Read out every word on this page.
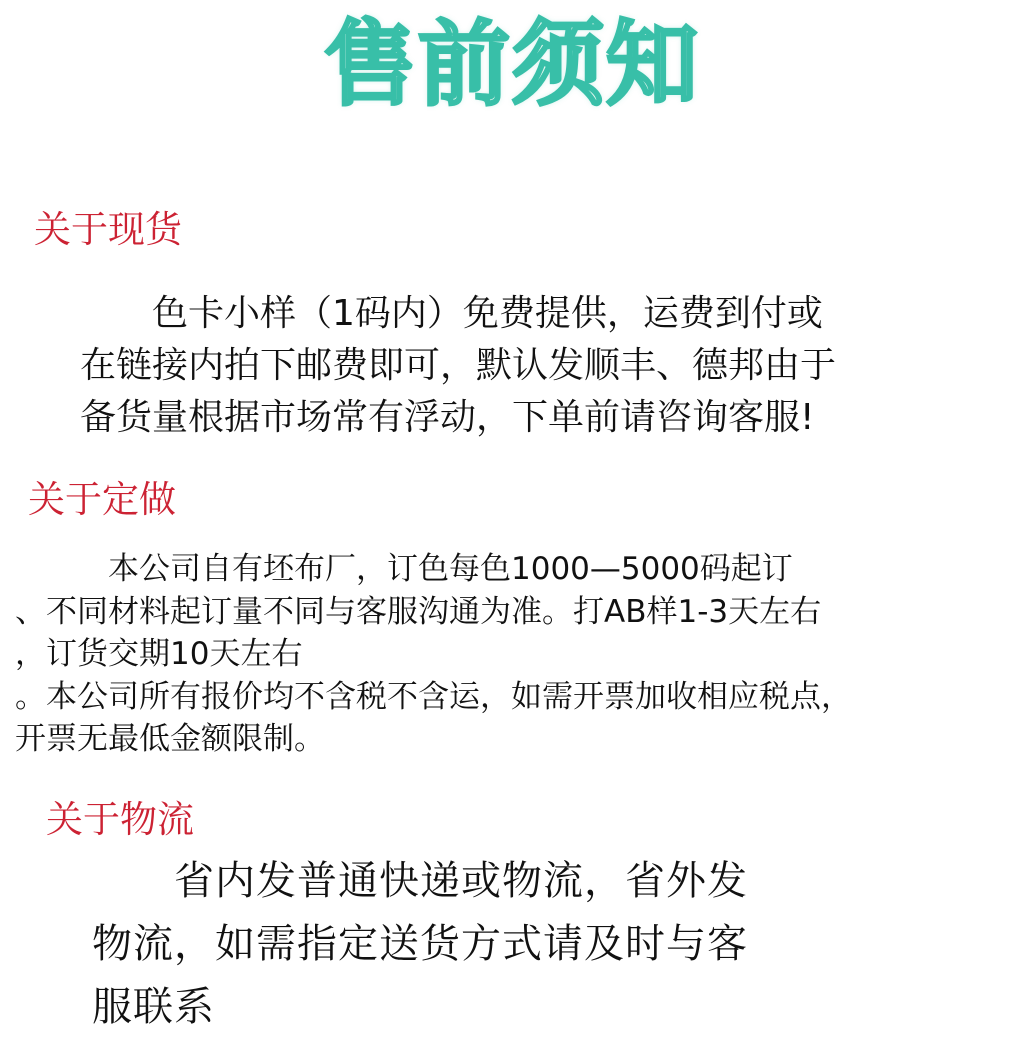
售前须知
关于现货
　　色卡小样（1码内）免费提供，运费到付或
在链接内拍下邮费即可，默认发顺丰、德邦由于
备货量根据市场常有浮动，下单前请咨询客服!
关于定做
　　　本公司自有坯布厂，订色每色1000—5000码起订
、不同材料起订量不同与客服沟通为准。打AB样1-3天左右
，订货交期10天左右
。本公司所有报价均不含税不含运，如需开票加收相应税点，
开票无最低金额限制。
关于物流
　　省内发普通快递或物流，省外发
物流，如需指定送货方式请及时与客
服联系
